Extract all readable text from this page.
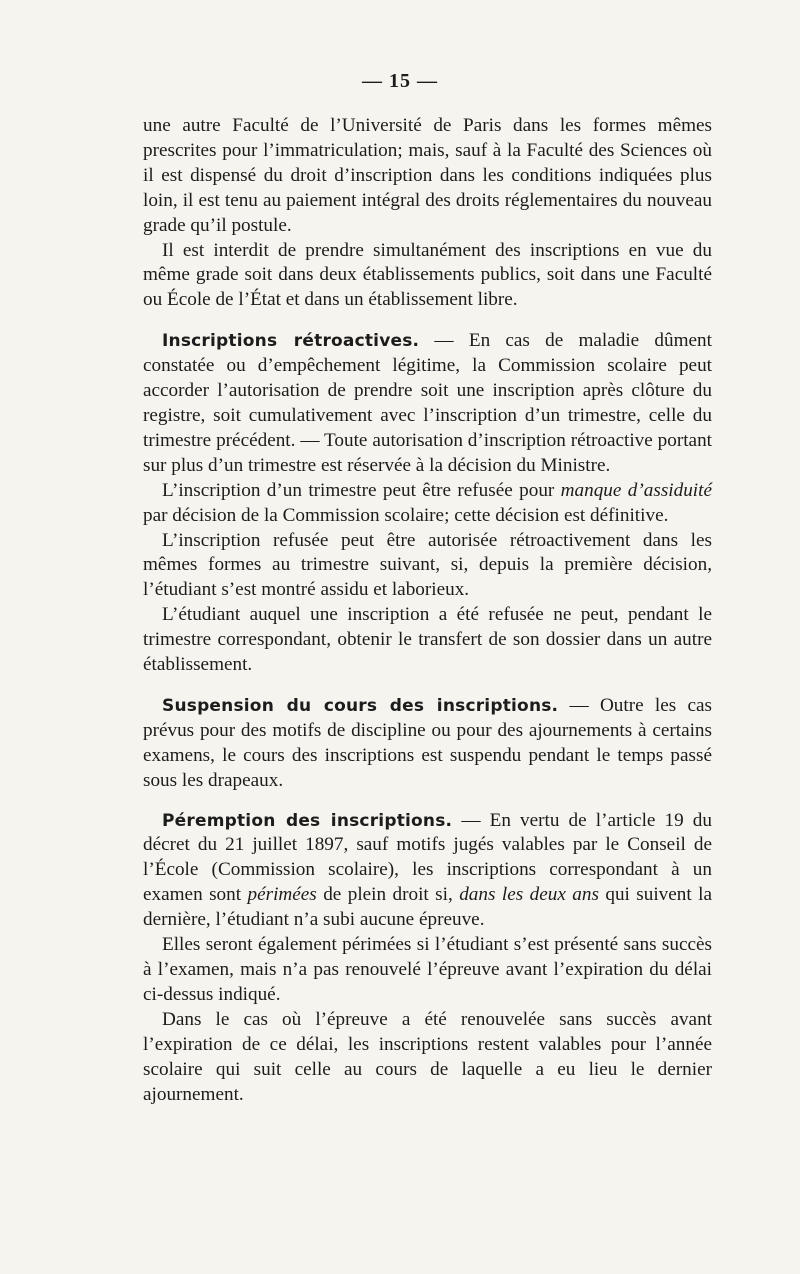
— 15 —

une autre Faculté de l’Université de Paris dans les formes mêmes prescrites pour l’immatriculation; mais, sauf à la Faculté des Sciences où il est dispensé du droit d’inscription dans les conditions indiquées plus loin, il est tenu au paiement intégral des droits réglementaires du nouveau grade qu’il postule.

Il est interdit de prendre simultanément des inscriptions en vue du même grade soit dans deux établissements publics, soit dans une Faculté ou École de l’État et dans un établissement libre.

Inscriptions rétroactives. — En cas de maladie dûment constatée ou d’empêchement légitime, la Commission scolaire peut accorder l’autorisation de prendre soit une inscription après clôture du registre, soit cumulativement avec l’inscription d’un trimestre, celle du trimestre précédent. — Toute autorisation d’inscription rétroactive portant sur plus d’un trimestre est réservée à la décision du Ministre.

L’inscription d’un trimestre peut être refusée pour manque d’assiduité par décision de la Commission scolaire; cette décision est définitive.

L’inscription refusée peut être autorisée rétroactivement dans les mêmes formes au trimestre suivant, si, depuis la première décision, l’étudiant s’est montré assidu et laborieux.

L’étudiant auquel une inscription a été refusée ne peut, pendant le trimestre correspondant, obtenir le transfert de son dossier dans un autre établissement.

Suspension du cours des inscriptions. — Outre les cas prévus pour des motifs de discipline ou pour des ajournements à certains examens, le cours des inscriptions est suspendu pendant le temps passé sous les drapeaux.

Péremption des inscriptions. — En vertu de l’article 19 du décret du 21 juillet 1897, sauf motifs jugés valables par le Conseil de l’École (Commission scolaire), les inscriptions correspondant à un examen sont périmées de plein droit si, dans les deux ans qui suivent la dernière, l’étudiant n’a subi aucune épreuve.

Elles seront également périmées si l’étudiant s’est présenté sans succès à l’examen, mais n’a pas renouvelé l’épreuve avant l’expiration du délai ci-dessus indiqué.

Dans le cas où l’épreuve a été renouvelée sans succès avant l’expiration de ce délai, les inscriptions restent valables pour l’année scolaire qui suit celle au cours de laquelle a eu lieu le dernier ajournement.
